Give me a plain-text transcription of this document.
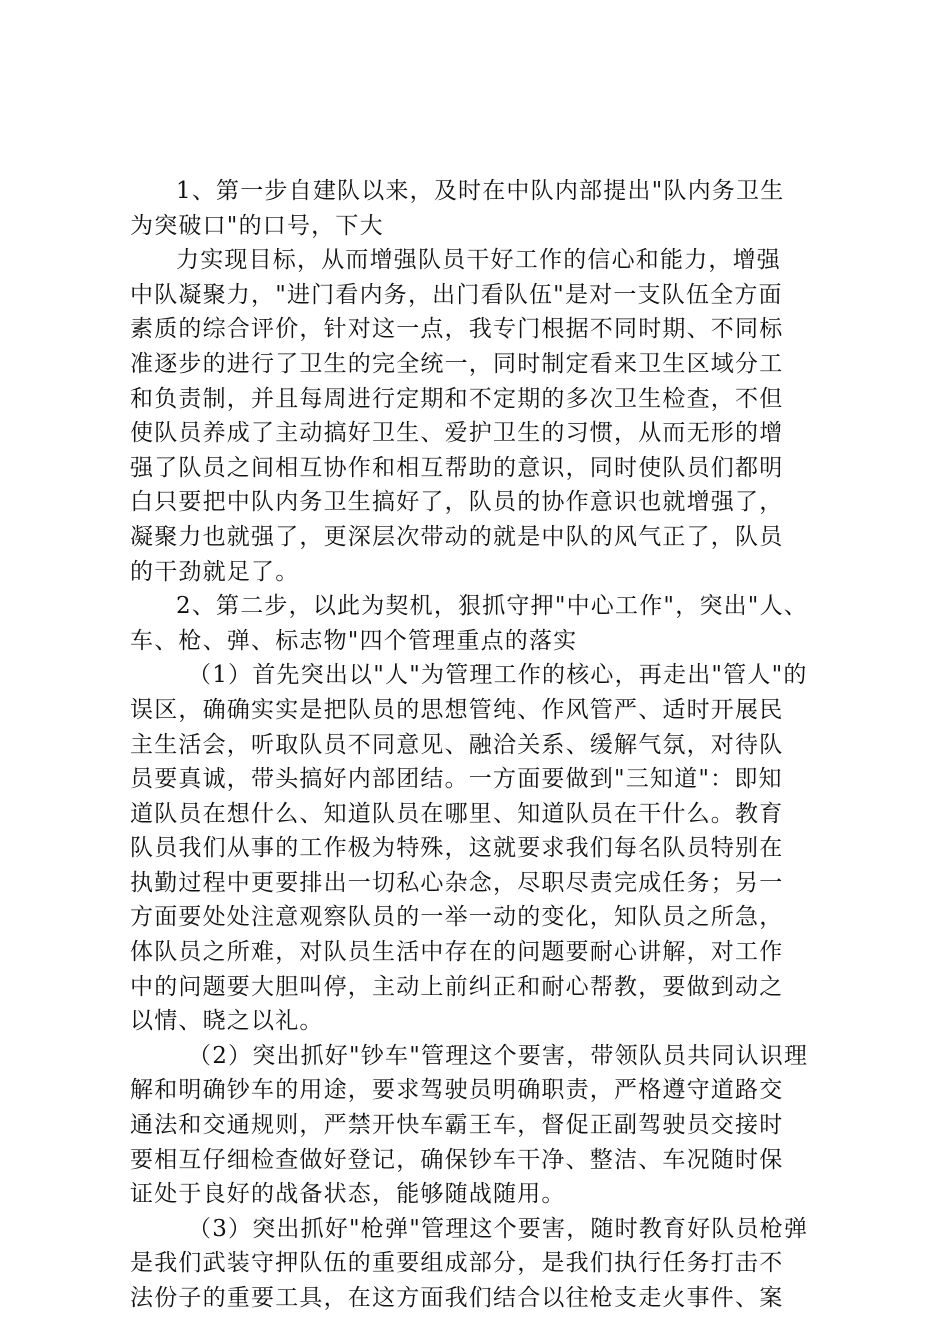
1、第一步自建队以来，及时在中队内部提出"队内务卫生
为突破口"的口号，下大
力实现目标，从而增强队员干好工作的信心和能力，增强
中队凝聚力，"进门看内务，出门看队伍"是对一支队伍全方面
素质的综合评价，针对这一点，我专门根据不同时期、不同标
准逐步的进行了卫生的完全统一，同时制定看来卫生区域分工
和负责制，并且每周进行定期和不定期的多次卫生检查，不但
使队员养成了主动搞好卫生、爱护卫生的习惯，从而无形的增
强了队员之间相互协作和相互帮助的意识，同时使队员们都明
白只要把中队内务卫生搞好了，队员的协作意识也就增强了，
凝聚力也就强了，更深层次带动的就是中队的风气正了，队员
的干劲就足了。
2、第二步，以此为契机，狠抓守押"中心工作"，突出"人、
车、枪、弹、标志物"四个管理重点的落实
（1）首先突出以"人"为管理工作的核心，再走出"管人"的
误区，确确实实是把队员的思想管纯、作风管严、适时开展民
主生活会，听取队员不同意见、融洽关系、缓解气氛，对待队
员要真诚，带头搞好内部团结。一方面要做到"三知道"：即知
道队员在想什么、知道队员在哪里、知道队员在干什么。教育
队员我们从事的工作极为特殊，这就要求我们每名队员特别在
执勤过程中更要排出一切私心杂念，尽职尽责完成任务；另一
方面要处处注意观察队员的一举一动的变化，知队员之所急，
体队员之所难，对队员生活中存在的问题要耐心讲解，对工作
中的问题要大胆叫停，主动上前纠正和耐心帮教，要做到动之
以情、晓之以礼。
（2）突出抓好"钞车"管理这个要害，带领队员共同认识理
解和明确钞车的用途，要求驾驶员明确职责，严格遵守道路交
通法和交通规则，严禁开快车霸王车，督促正副驾驶员交接时
要相互仔细检查做好登记，确保钞车干净、整洁、车况随时保
证处于良好的战备状态，能够随战随用。
（3）突出抓好"枪弹"管理这个要害，随时教育好队员枪弹
是我们武装守押队伍的重要组成部分，是我们执行任务打击不
法份子的重要工具，在这方面我们结合以往枪支走火事件、案
